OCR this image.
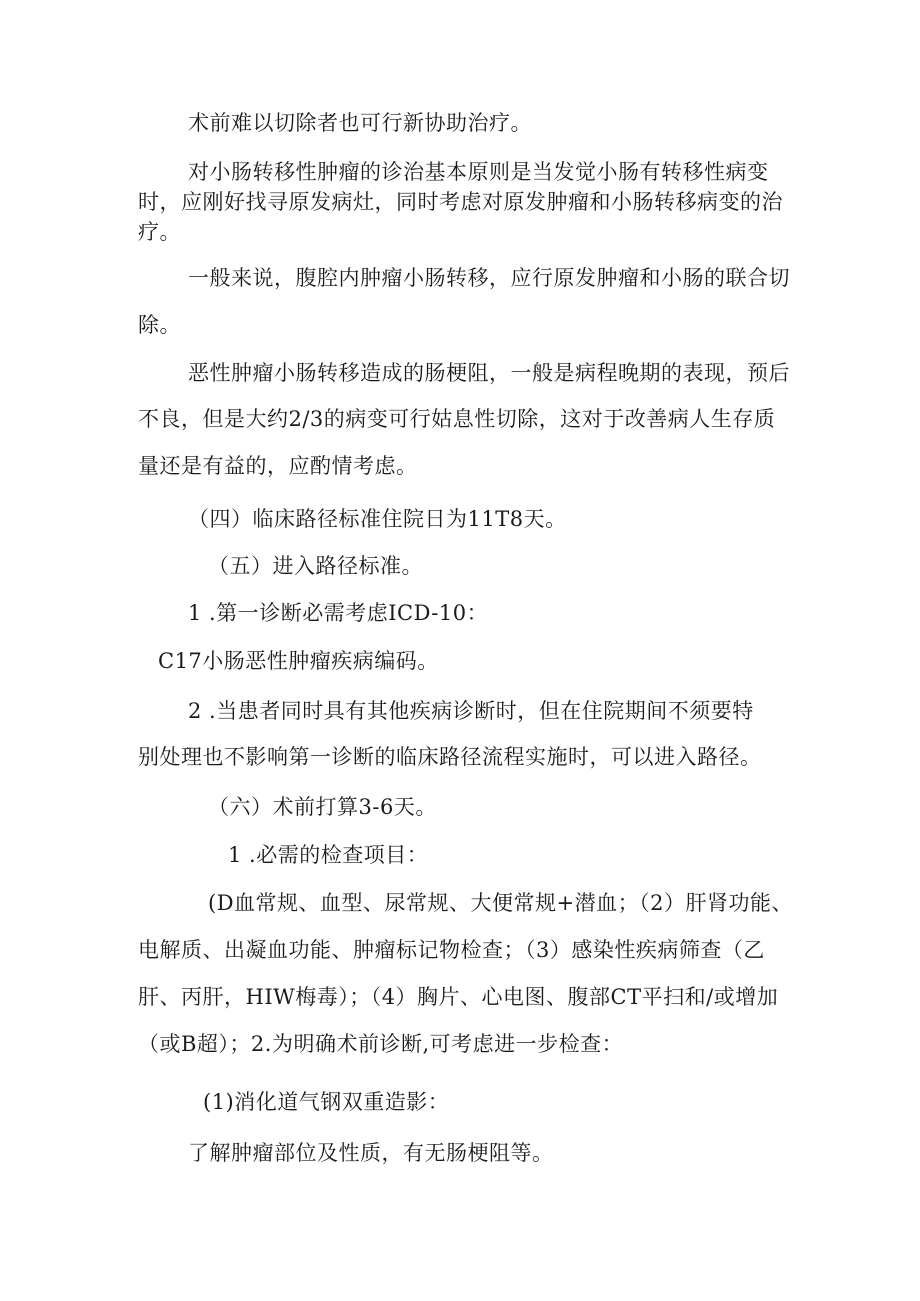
术前难以切除者也可行新协助治疗。
对小肠转移性肿瘤的诊治基本原则是当发觉小肠有转移性病变
时，应刚好找寻原发病灶，同时考虑对原发肿瘤和小肠转移病变的治
疗。
一般来说，腹腔内肿瘤小肠转移，应行原发肿瘤和小肠的联合切
除。
恶性肿瘤小肠转移造成的肠梗阻，一般是病程晚期的表现，预后
不良，但是大约2/3的病变可行姑息性切除，这对于改善病人生存质
量还是有益的，应酌情考虑。
（四）临床路径标准住院日为11T8天。
（五）进入路径标准。
1 .第一诊断必需考虑ICD-10：
C17小肠恶性肿瘤疾病编码。
2 .当患者同时具有其他疾病诊断时，但在住院期间不须要特
别处理也不影响第一诊断的临床路径流程实施时，可以进入路径。
（六）术前打算3-6天。
1 .必需的检查项目：
(D血常规、血型、尿常规、大便常规+潜血；（2）肝肾功能、
电解质、出凝血功能、肿瘤标记物检查；（3）感染性疾病筛查（乙
肝、丙肝，HIW梅毒）；（4）胸片、心电图、腹部CT平扫和/或增加
（或B超）；2.为明确术前诊断,可考虑进一步检查：
(1)消化道气钢双重造影：
了解肿瘤部位及性质，有无肠梗阻等。
